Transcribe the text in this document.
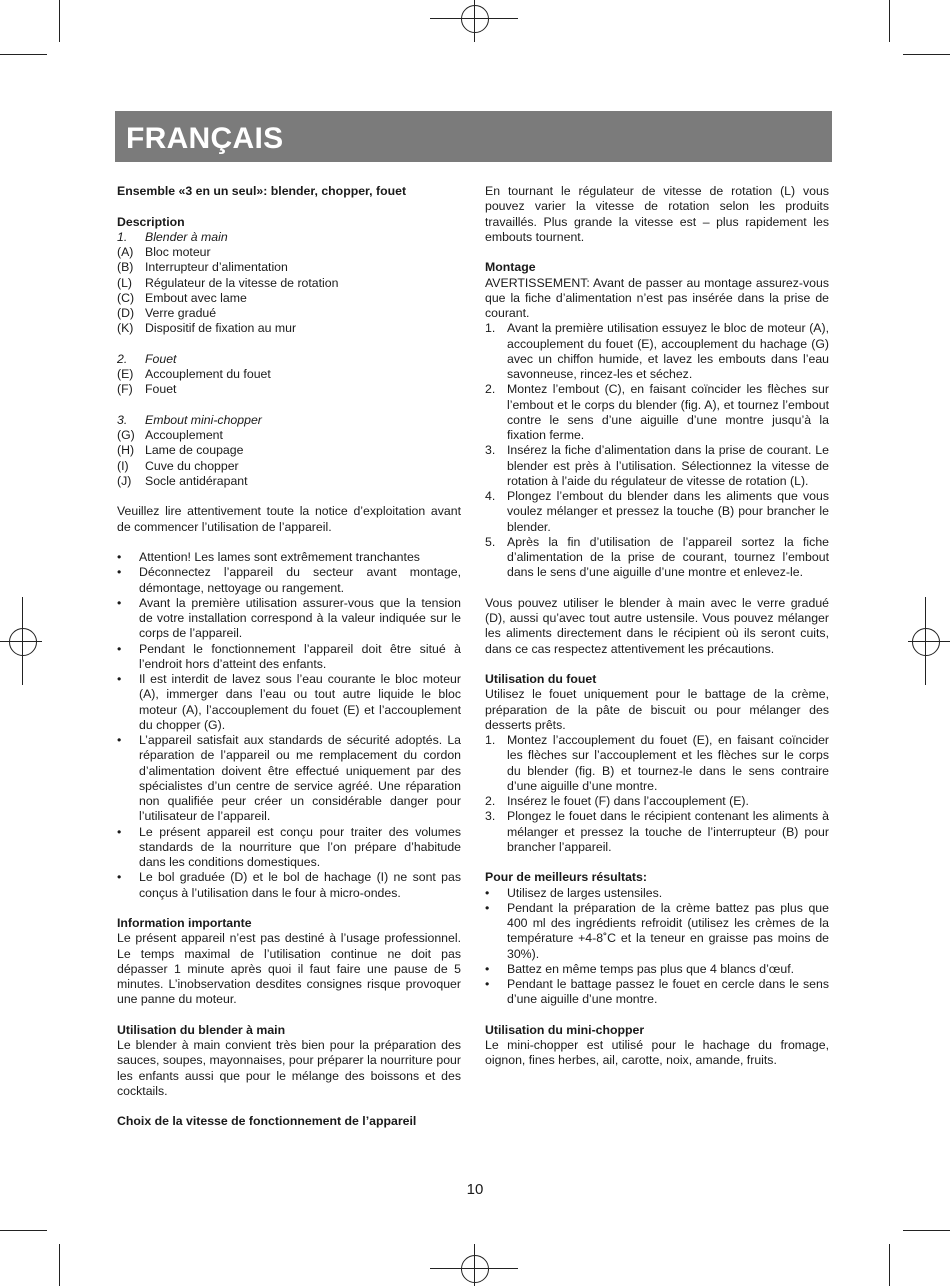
FRANÇAIS

Ensemble «3 en un seul»: blender, chopper, fouet

Description

1.	Blender à main
(A) Bloc moteur
(B) Interrupteur d’alimentation
(L)	Régulateur de la vitesse de rotation
(C) Embout avec lame
(D) Verre gradué
(K) Dispositif de fixation au mur
2.	Fouet
(E) Accouplement du fouet
(F) Fouet
3.	Embout mini-chopper
(G) Accouplement
(H) Lame de coupage
(I)	Cuve du chopper
(J)	Socle antidérapant

Veuillez lire attentivement toute la notice d’exploitation avant de commencer l’utilisation de l’appareil.

•	Attention! Les lames sont extrêmement tranchantes
•	Déconnectez l’appareil du secteur avant montage, démontage, nettoyage ou rangement.
•	Avant la première utilisation assurer-vous que la tension de votre installation correspond à la valeur indiquée sur le corps de l’appareil.
•	Pendant le fonctionnement l’appareil doit être situé à l’endroit hors d’atteint des enfants.
•	Il est interdit de lavez sous l’eau courante le bloc moteur (A), immerger dans l’eau ou tout autre liquide le bloc moteur (A), l’accouplement du fouet (E) et l’accouplement du chopper (G).
•	L’appareil satisfait aux standards de sécurité adoptés. La réparation de l’appareil ou me remplacement du cordon d’alimentation doivent être effectué uniquement par des spécialistes d’un centre de service agréé. Une réparation non qualifiée peur créer un considérable danger pour l’utilisateur de l’appareil.
•	Le présent appareil est conçu pour traiter des volumes standards de la nourriture que l’on prépare d’habitude dans les conditions domestiques.
•	Le bol graduée (D) et le bol de hachage (I) ne sont pas conçus à l’utilisation dans le four à micro-ondes.

Information importante

Le présent appareil n’est pas destiné à l’usage professionnel. Le temps maximal de l’utilisation continue ne doit pas dépasser 1 minute après quoi il faut faire une pause de 5 minutes. L’inobservation desdites consignes risque provoquer une panne du moteur.

Utilisation du blender à main

Le blender à main convient très bien pour la préparation des sauces, soupes, mayonnaises, pour préparer la nourriture pour les enfants aussi que pour le mélange des boissons et des cocktails.

Choix de la vitesse de fonctionnement de l’appareil

En tournant le régulateur de vitesse de rotation (L) vous pouvez varier la vitesse de rotation selon les produits travaillés. Plus grande la vitesse est – plus rapidement les embouts tournent.

Montage

AVERTISSEMENT: Avant de passer au montage assurez-vous que la fiche d’alimentation n’est pas insérée dans la prise de courant.

1. Avant la première utilisation essuyez le bloc de moteur (A), accouplement du fouet (E), accouplement du hachage (G) avec un chiffon humide, et lavez les embouts dans l’eau savonneuse, rincez-les et séchez.
2. Montez l’embout (C), en faisant coïncider les flèches sur l’embout et le corps du blender (fig. A), et tournez l’embout contre le sens d’une aiguille d’une montre jusqu’à la fixation ferme.
3. Insérez la fiche d’alimentation dans la prise de courant. Le blender est près à l’utilisation. Sélectionnez la vitesse de rotation à l’aide du régulateur de vitesse de rotation (L).
4. Plongez l’embout du blender dans les aliments que vous voulez mélanger et pressez la touche (B) pour brancher le blender.
5. Après la fin d’utilisation de l’appareil sortez la fiche d’alimentation de la prise de courant, tournez l’embout dans le sens d’une aiguille d’une montre et enlevez-le.

Vous pouvez utiliser le blender à main avec le verre gradué (D), aussi qu’avec tout autre ustensile. Vous pouvez mélanger les aliments directement dans le récipient où ils seront cuits, dans ce cas respectez attentivement les précautions.

Utilisation du fouet

Utilisez le fouet uniquement pour le battage de la crème, préparation de la pâte de biscuit ou pour mélanger des desserts prêts.

1. Montez l’accouplement du fouet (E), en faisant coïncider les flèches sur l’accouplement et les flèches sur le corps du blender (fig. B) et tournez-le dans le sens contraire d’une aiguille d’une montre.
2. Insérez le fouet (F) dans l’accouplement (E).
3. Plongez le fouet dans le récipient contenant les aliments à mélanger et pressez la touche de l’interrupteur (B) pour brancher l’appareil.

Pour de meilleurs résultats:

•	Utilisez de larges ustensiles.
•	Pendant la préparation de la crème battez pas plus que 400 ml des ingrédients refroidit (utilisez les crèmes de la température +4-8˚C et la teneur en graisse pas moins de 30%).
•	Battez en même temps pas plus que 4 blancs d’œuf.
•	Pendant le battage passez le fouet en cercle dans le sens d’une aiguille d’une montre.

Utilisation du mini-chopper

Le mini-chopper est utilisé pour le hachage du fromage, oignon, fines herbes, ail, carotte, noix, amande, fruits.

10
